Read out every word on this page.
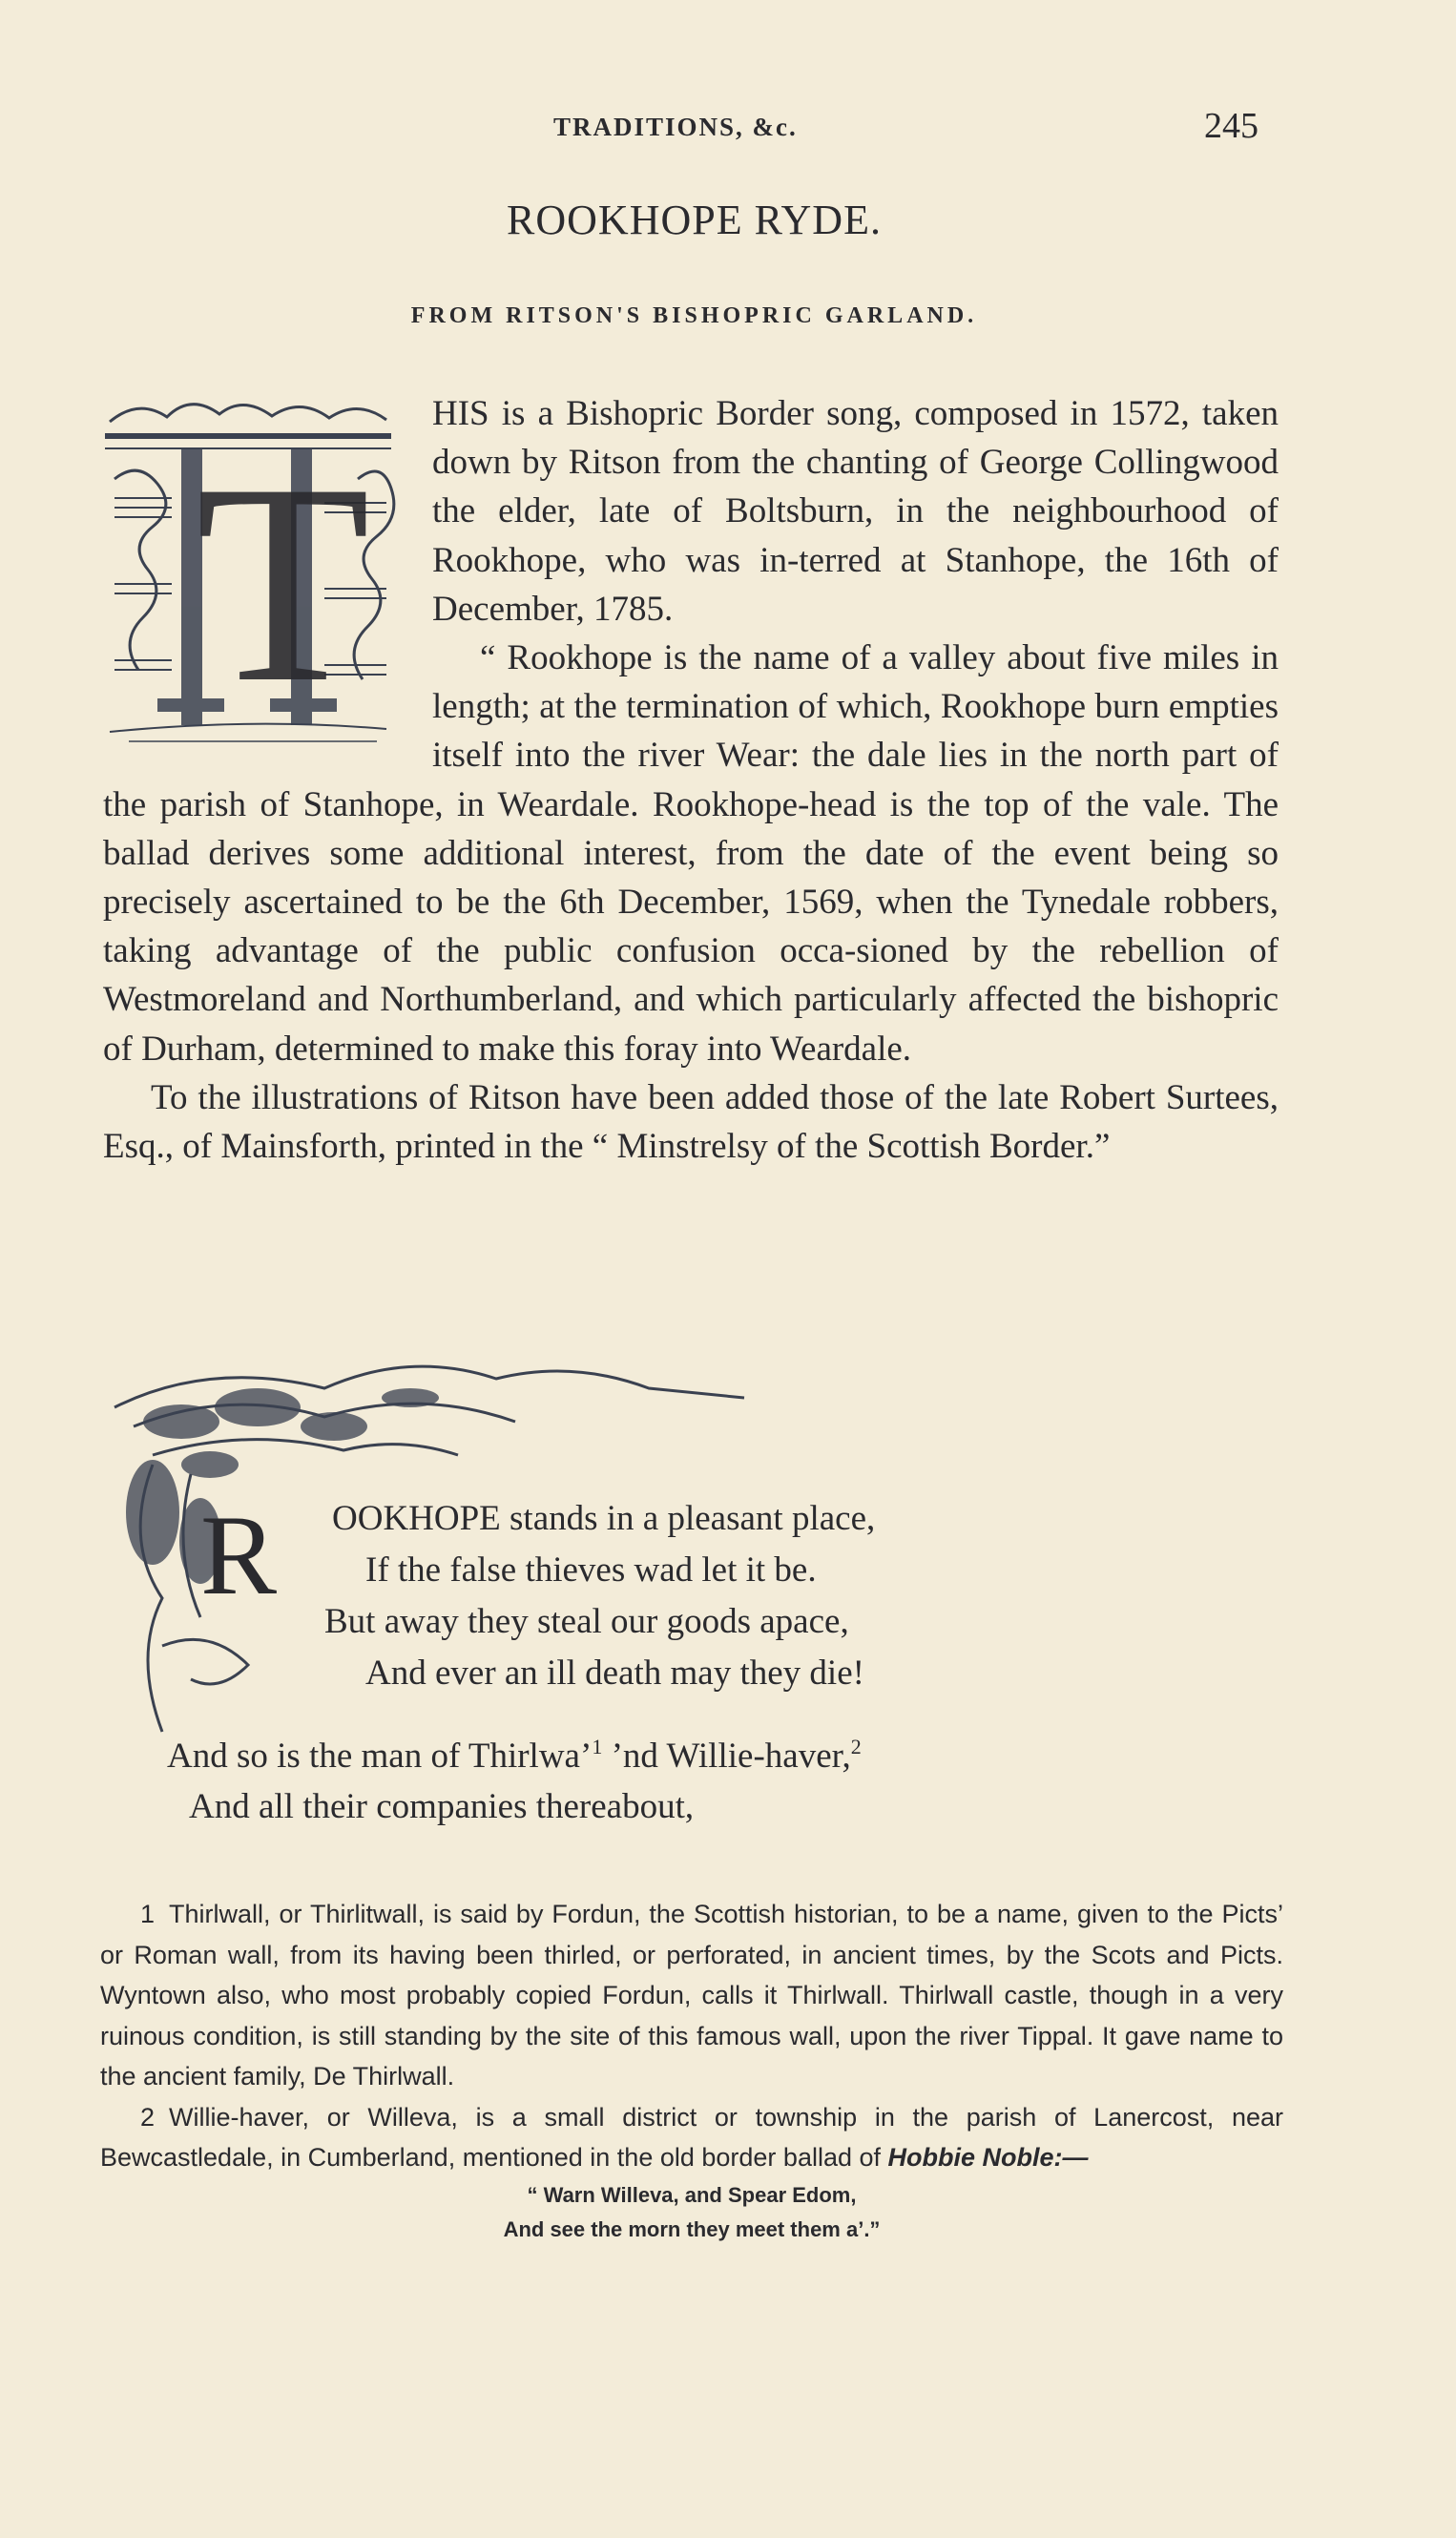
TRADITIONS, &c.	245
ROOKHOPE RYDE.
FROM RITSON'S BISHOPRIC GARLAND.
T

HIS is a Bishopric Border song, composed in 1572, taken down by Ritson from the chanting of George Collingwood the elder, late of Boltsburn, in the neighbourhood of Rookhope, who was in-terred at Stanhope, the 16th of December, 1785.

“ Rookhope is the name of a valley about five miles in length; at the termination of which, Rookhope burn empties itself into the river Wear: the dale lies in the north part of the parish of Stanhope, in Weardale. Rookhope-head is the top of the vale. The ballad derives some additional interest, from the date of the event being so precisely ascertained to be the 6th December, 1569, when the Tynedale robbers, taking advantage of the public confusion occa-sioned by the rebellion of Westmoreland and Northumberland, and which particularly affected the bishopric of Durham, determined to make this foray into Weardale.

To the illustrations of Ritson have been added those of the late Robert Surtees, Esq., of Mainsforth, printed in the “ Minstrelsy of the Scottish Border.”

R OOKHOPE stands in a pleasant place,
If the false thieves wad let it be.
But away they steal our goods apace,
And ever an ill death may they die!
And so is the man of Thirlwa’$^1$ ’nd Willie-haver,$^2$
And all their companies thereabout,

1 Thirlwall, or Thirlitwall, is said by Fordun, the Scottish historian, to be a name, given to the Picts’ or Roman wall, from its having been thirled, or perforated, in ancient times, by the Scots and Picts. Wyntown also, who most probably copied Fordun, calls it Thirlwall. Thirlwall castle, though in a very ruinous condition, is still standing by the site of this famous wall, upon the river Tippal. It gave name to the ancient family, De Thirlwall.

2 Willie-haver, or Willeva, is a small district or township in the parish of Lanercost, near Bewcastledale, in Cumberland, mentioned in the old border ballad of Hobbie Noble:—

“ Warn Willeva, and Spear Edom,

And see the morn they meet them a’.”
